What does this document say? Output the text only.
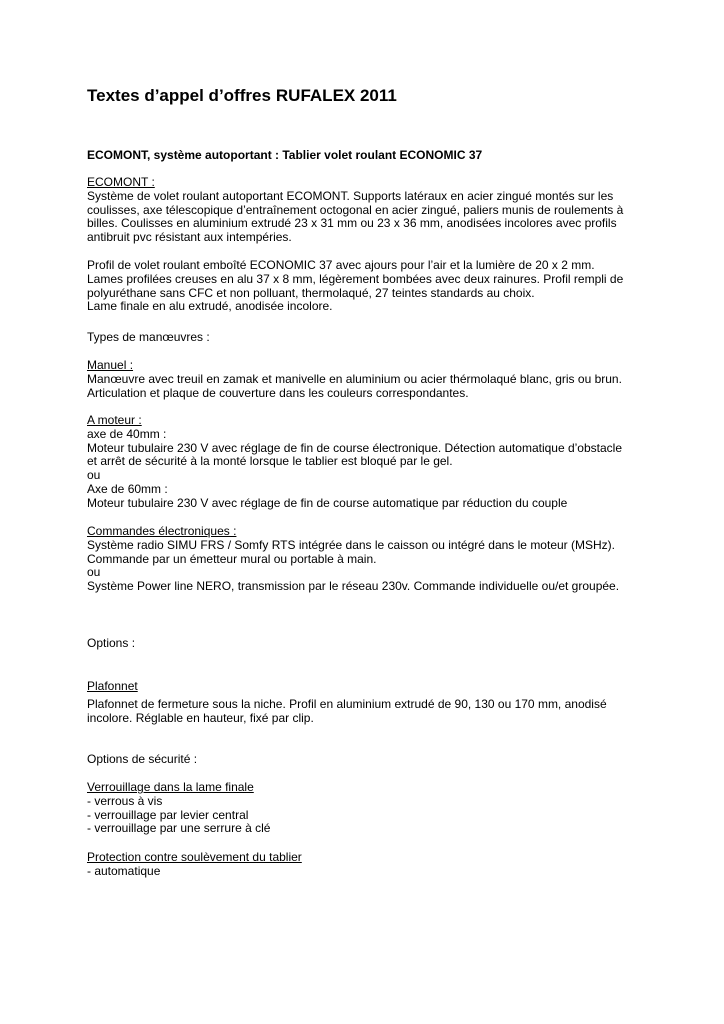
Textes d’appel d’offres RUFALEX 2011
ECOMONT, système autoportant : Tablier volet roulant ECONOMIC 37
ECOMONT :
Système de volet roulant autoportant ECOMONT. Supports latéraux en acier zingué montés sur les
coulisses, axe télescopique d’entraînement octogonal en acier zingué, paliers munis de roulements à
billes. Coulisses en aluminium extrudé 23 x 31 mm ou 23 x 36 mm, anodisées incolores avec profils
antibruit pvc résistant aux intempéries.
Profil de volet roulant emboîté ECONOMIC 37 avec ajours pour l’air et la lumière de 20 x 2 mm.
Lames profilées creuses en alu 37 x 8 mm, légèrement bombées avec deux rainures. Profil rempli de
polyuréthane sans CFC et non polluant, thermolaqué, 27 teintes standards au choix.
Lame finale en alu extrudé, anodisée incolore.
Types de manœuvres :
Manuel :
Manœuvre avec treuil en zamak et manivelle en aluminium ou acier thérmolaqué blanc, gris ou brun.
Articulation et plaque de couverture dans les couleurs correspondantes.
A moteur :
axe de 40mm :
Moteur tubulaire 230 V avec réglage de fin de course électronique. Détection automatique d’obstacle
et arrêt de sécurité à la monté lorsque le tablier est bloqué par le gel.
ou
Axe de 60mm :
Moteur tubulaire 230 V avec réglage de fin de course automatique par réduction du couple
Commandes électroniques :
Système radio SIMU FRS / Somfy RTS intégrée dans le caisson ou intégré dans le moteur (MSHz).
Commande par un émetteur mural ou portable à main.
ou
Système Power line NERO, transmission par le réseau 230v. Commande individuelle ou/et groupée.
Options :
Plafonnet
Plafonnet de fermeture sous la niche. Profil en aluminium extrudé de 90, 130 ou 170 mm, anodisé
incolore. Réglable en hauteur, fixé par clip.
Options de sécurité :
Verrouillage dans la lame finale
- verrous à vis
- verrouillage par levier central
- verrouillage par une serrure à clé
Protection contre soulèvement du tablier
- automatique
